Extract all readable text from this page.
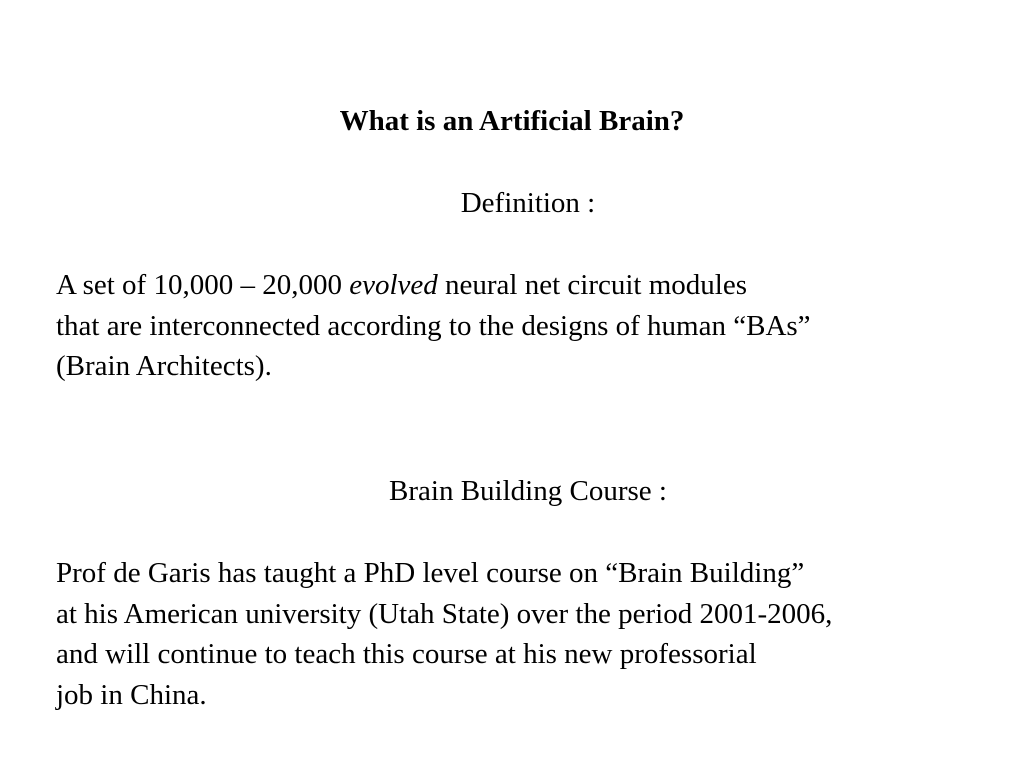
What is an Artificial Brain?
Definition :
A set of 10,000 – 20,000 evolved neural net circuit modules
that are interconnected according to the designs of human “BAs”
(Brain Architects).
Brain Building Course :
Prof de Garis has taught a PhD level course on “Brain Building”
at his American university (Utah State) over the period 2001-2006,
and will continue to teach this course at his new professorial
job in China.
